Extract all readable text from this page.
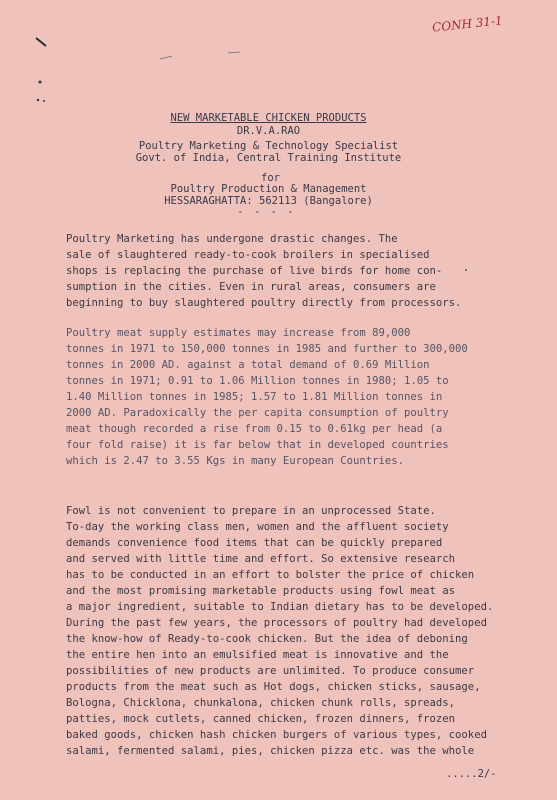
CONH 31-1
NEW MARKETABLE CHICKEN PRODUCTS
DR.V.A.RAO
Poultry Marketing & Technology Specialist
Govt. of India, Central Training Institute
for
Poultry Production & Management
HESSARAGHATTA: 562113 (Bangalore)
- - - -
Poultry Marketing has undergone drastic changes. The
sale of slaughtered ready-to-cook broilers in specialised
shops is replacing the purchase of live birds for home con-
sumption in the cities. Even in rural areas, consumers are
beginning to buy slaughtered poultry directly from processors.
Poultry meat supply estimates may increase from 89,000
tonnes in 1971 to 150,000 tonnes in 1985 and further to 300,000
tonnes in 2000 AD. against a total demand of 0.69 Million
tonnes in 1971; 0.91 to 1.06 Million tonnes in 1980; 1.05 to
1.40 Million tonnes in 1985; 1.57 to 1.81 Million tonnes in
2000 AD. Paradoxically the per capita consumption of poultry
meat though recorded a rise from 0.15 to 0.61kg per head (a
four fold raise) it is far below that in developed countries
which is 2.47 to 3.55 Kgs in many European Countries.
Fowl is not convenient to prepare in an unprocessed State.
To-day the working class men, women and the affluent society
demands convenience food items that can be quickly prepared
and served with little time and effort. So extensive research
has to be conducted in an effort to bolster the price of chicken
and the most promising marketable products using fowl meat as
a major ingredient, suitable to Indian dietary has to be developed.
During the past few years, the processors of poultry had developed
the know-how of Ready-to-cook chicken. But the idea of deboning
the entire hen into an emulsified meat is innovative and the
possibilities of new products are unlimited. To produce consumer
products from the meat such as Hot dogs, chicken sticks, sausage,
Bologna, Chicklona, chunkalona, chicken chunk rolls, spreads,
patties, mock cutlets, canned chicken, frozen dinners, frozen
baked goods, chicken hash chicken burgers of various types, cooked
salami, fermented salami, pies, chicken pizza etc. was the whole
.....2/-
